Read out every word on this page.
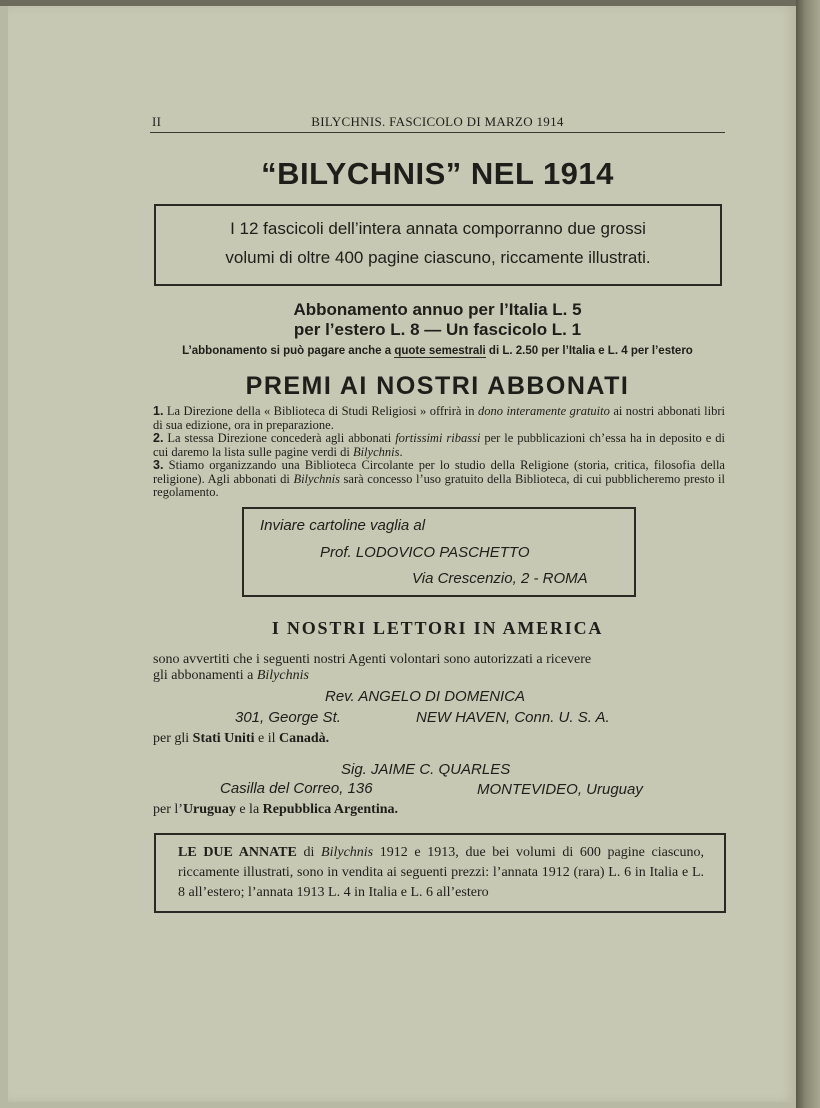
II	BILYCHNIS. FASCICOLO DI MARZO 1914
“BILYCHNIS” NEL 1914
I 12 fascicoli dell’intera annata comporranno due grossi
volumi di oltre 400 pagine ciascuno, riccamente illustrati.
Abbonamento annuo per l’Italia L. 5
per l’estero L. 8 — Un fascicolo L. 1
L’abbonamento si può pagare anche a quote semestrali di L. 2.50 per l’Italia e L. 4 per l’estero
PREMI AI NOSTRI ABBONATI
1. La Direzione della « Biblioteca di Studi Religiosi » offrirà in dono interamente gratuito ai nostri abbonati libri di sua edizione, ora in preparazione.
2. La stessa Direzione concederà agli abbonati fortissimi ribassi per le pubblicazioni ch’essa ha in deposito e di cui daremo la lista sulle pagine verdi di Bilychnis.
3. Stiamo organizzando una Biblioteca Circolante per lo studio della Religione (storia, critica, filosofia della religione). Agli abbonati di Bilychnis sarà concesso l’uso gratuito della Biblioteca, di cui pubblicheremo presto il regolamento.
Inviare cartoline vaglia al
Prof. LODOVICO PASCHETTO
Via Crescenzio, 2 - ROMA
I NOSTRI LETTORI IN AMERICA
sono avvertiti che i seguenti nostri Agenti volontari sono autorizzati a ricevere
gli abbonamenti a Bilychnis
Rev. ANGELO DI DOMENICA
301, George St.	NEW HAVEN, Conn. U. S. A.
per gli Stati Uniti e il Canadà.
Sig. JAIME C. QUARLES
Casilla del Correo, 136	MONTEVIDEO, Uruguay
per l’Uruguay e la Repubblica Argentina.
LE DUE ANNATE di Bilychnis 1912 e 1913, due bei volumi di 600 pagine ciascuno, riccamente illustrati, sono in vendita ai seguenti prezzi: l’annata 1912 (rara) L. 6 in Italia e L. 8 all’estero; l’annata 1913 L. 4 in Italia e L. 6 all’estero
